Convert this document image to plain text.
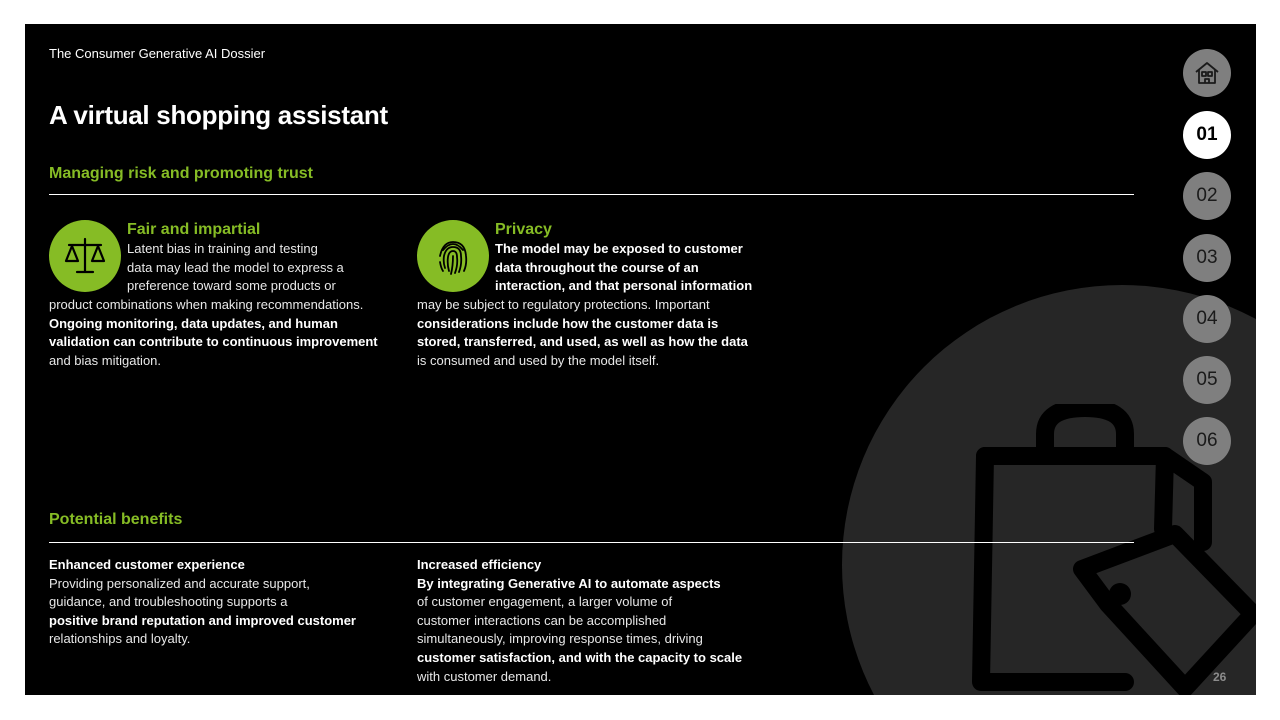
The Consumer Generative AI Dossier
A virtual shopping assistant
Managing risk and promoting trust
Fair and impartial
Latent bias in training and testing
data may lead the model to express a
preference toward some products or
product combinations when making recommendations.
Ongoing monitoring, data updates, and human validation can contribute to continuous improvement
and bias mitigation.
Privacy
The model may be exposed to customer data throughout the course of an interaction, and that personal information
may be subject to regulatory protections. Important
considerations include how the customer data is stored, transferred, and used, as well as how the data
is consumed and used by the model itself.
Potential benefits
Enhanced customer experience
Providing personalized and accurate support, guidance, and troubleshooting supports a
positive brand reputation and improved customer
relationships and loyalty.
Increased efficiency
By integrating Generative AI to automate aspects
of customer engagement, a larger volume of customer interactions can be accomplished simultaneously, improving response times, driving
customer satisfaction, and with the capacity to scale
with customer demand.
01
02
03
04
05
06
26
